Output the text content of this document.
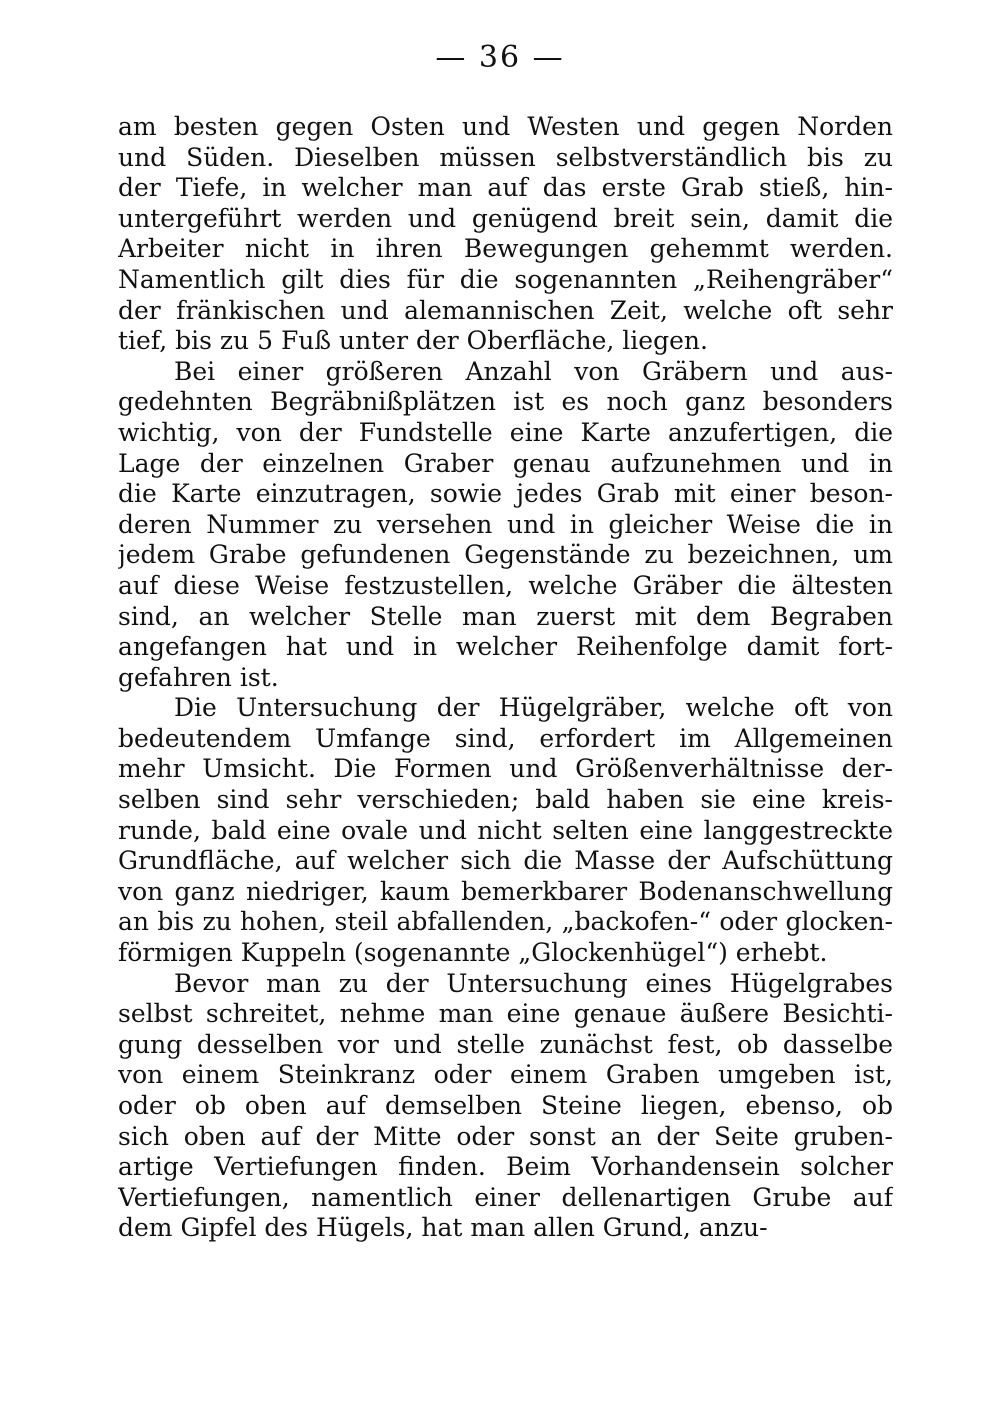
— 36 —
am besten gegen Osten und Westen und gegen Norden
und Süden. Dieselben müssen selbstverständlich bis zu
der Tiefe, in welcher man auf das erste Grab stieß, hin-
untergeführt werden und genügend breit sein, damit die
Arbeiter nicht in ihren Bewegungen gehemmt werden.
Namentlich gilt dies für die sogenannten „Reihengräber“
der fränkischen und alemannischen Zeit, welche oft sehr
tief, bis zu 5 Fuß unter der Oberfläche, liegen.
Bei einer größeren Anzahl von Gräbern und aus-
gedehnten Begräbnißplätzen ist es noch ganz besonders
wichtig, von der Fundstelle eine Karte anzufertigen, die
Lage der einzelnen Graber genau aufzunehmen und in
die Karte einzutragen, sowie jedes Grab mit einer beson-
deren Nummer zu versehen und in gleicher Weise die in
jedem Grabe gefundenen Gegenstände zu bezeichnen, um
auf diese Weise festzustellen, welche Gräber die ältesten
sind, an welcher Stelle man zuerst mit dem Begraben
angefangen hat und in welcher Reihenfolge damit fort-
gefahren ist.
Die Untersuchung der Hügelgräber, welche oft von
bedeutendem Umfange sind, erfordert im Allgemeinen
mehr Umsicht. Die Formen und Größenverhältnisse der-
selben sind sehr verschieden; bald haben sie eine kreis-
runde, bald eine ovale und nicht selten eine langgestreckte
Grundfläche, auf welcher sich die Masse der Aufschüttung
von ganz niedriger, kaum bemerkbarer Bodenanschwellung
an bis zu hohen, steil abfallenden, „backofen-“ oder glocken-
förmigen Kuppeln (sogenannte „Glockenhügel“) erhebt.
Bevor man zu der Untersuchung eines Hügelgrabes
selbst schreitet, nehme man eine genaue äußere Besichti-
gung desselben vor und stelle zunächst fest, ob dasselbe
von einem Steinkranz oder einem Graben umgeben ist,
oder ob oben auf demselben Steine liegen, ebenso, ob
sich oben auf der Mitte oder sonst an der Seite gruben-
artige Vertiefungen finden. Beim Vorhandensein solcher
Vertiefungen, namentlich einer dellenartigen Grube auf
dem Gipfel des Hügels, hat man allen Grund, anzu-
